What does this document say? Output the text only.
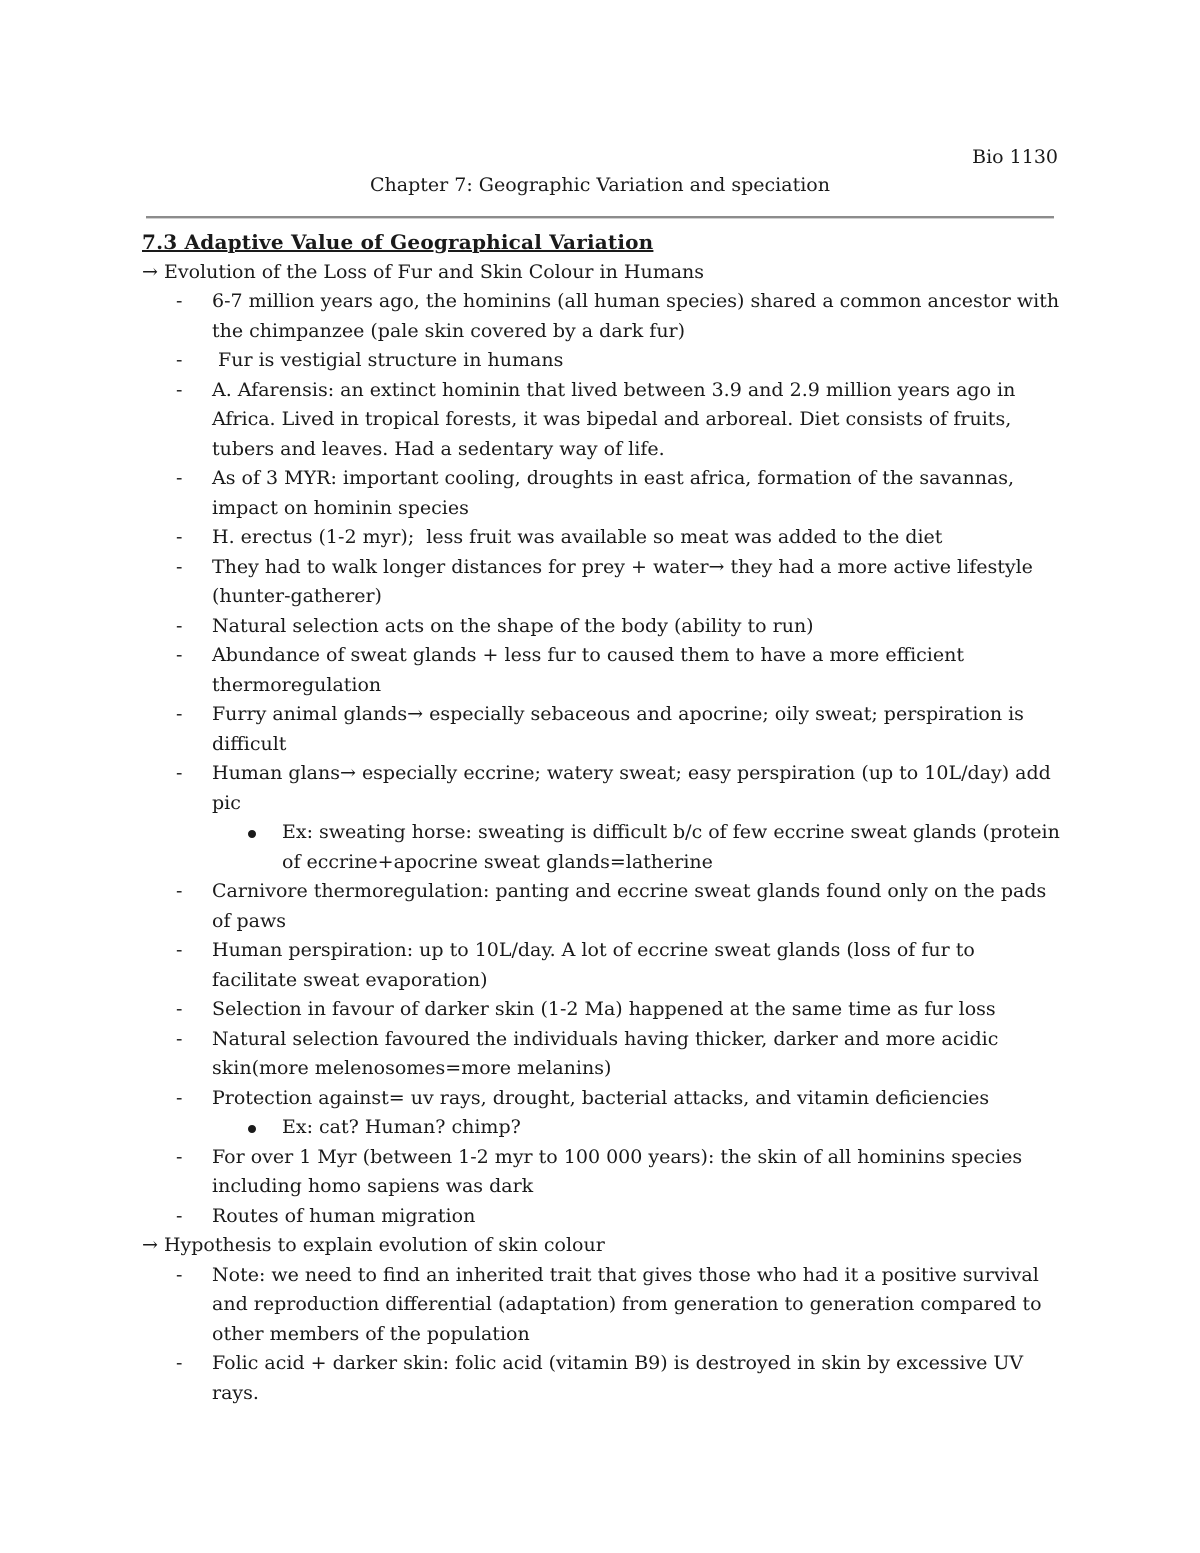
Bio 1130

Chapter 7: Geographic Variation and speciation
7.3 Adaptive Value of Geographical Variation

→ Evolution of the Loss of Fur and Skin Colour in Humans

- 6-7 million years ago, the hominins (all human species) shared a common ancestor with the chimpanzee (pale skin covered by a dark fur)
- Fur is vestigial structure in humans
- A. Afarensis: an extinct hominin that lived between 3.9 and 2.9 million years ago in Africa. Lived in tropical forests, it was bipedal and arboreal. Diet consists of fruits, tubers and leaves. Had a sedentary way of life.
- As of 3 MYR: important cooling, droughts in east africa, formation of the savannas, impact on hominin species
- H. erectus (1-2 myr);  less fruit was available so meat was added to the diet
- They had to walk longer distances for prey + water→ they had a more active lifestyle (hunter-gatherer)
- Natural selection acts on the shape of the body (ability to run)
- Abundance of sweat glands + less fur to caused them to have a more efficient thermoregulation
- Furry animal glands→ especially sebaceous and apocrine; oily sweat; perspiration is difficult
- Human glans→ especially eccrine; watery sweat; easy perspiration (up to 10L/day) add pic
Ex: sweating horse: sweating is difficult b/c of few eccrine sweat glands (protein of eccrine+apocrine sweat glands=latherine
- Carnivore thermoregulation: panting and eccrine sweat glands found only on the pads of paws
- Human perspiration: up to 10L/day. A lot of eccrine sweat glands (loss of fur to facilitate sweat evaporation)
- Selection in favour of darker skin (1-2 Ma) happened at the same time as fur loss
- Natural selection favoured the individuals having thicker, darker and more acidic skin(more melenosomes=more melanins)
- Protection against= uv rays, drought, bacterial attacks, and vitamin deficiencies
Ex: cat? Human? chimp?
- For over 1 Myr (between 1-2 myr to 100 000 years): the skin of all hominins species including homo sapiens was dark
- Routes of human migration

→ Hypothesis to explain evolution of skin colour

- Note: we need to find an inherited trait that gives those who had it a positive survival and reproduction differential (adaptation) from generation to generation compared to other members of the population
- Folic acid + darker skin: folic acid (vitamin B9) is destroyed in skin by excessive UV rays.
